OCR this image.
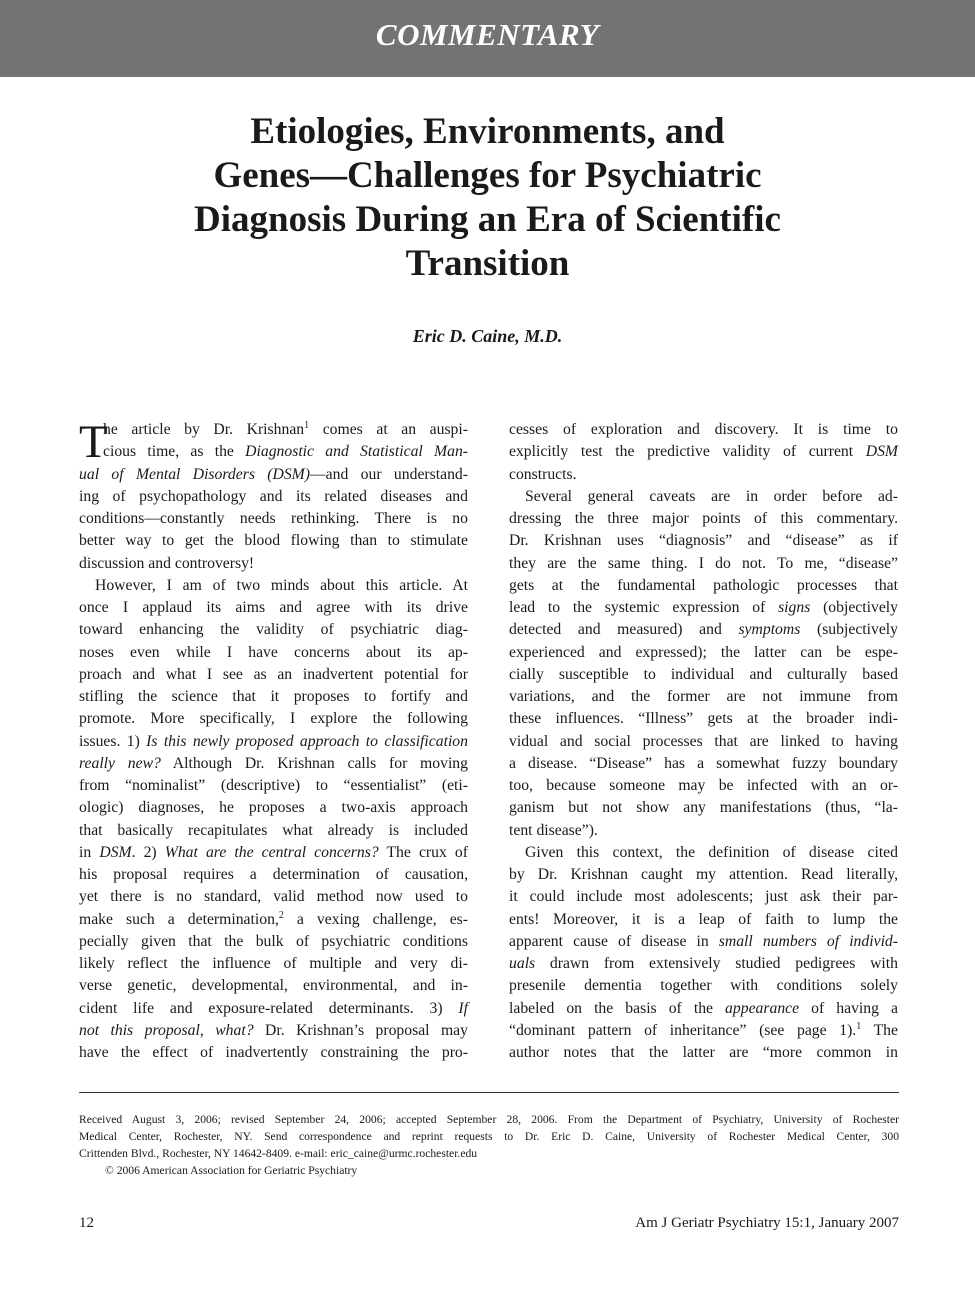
COMMENTARY
Etiologies, Environments, and
Genes—Challenges for Psychiatric
Diagnosis During an Era of Scientific
Transition
Eric D. Caine, M.D.
T
he article by Dr. Krishnan$^1$ comes at an auspi-
cious time, as the Diagnostic and Statistical Man-
ual of Mental Disorders (DSM)—and our understand-
ing of psychopathology and its related diseases and
conditions—constantly needs rethinking. There is no
better way to get the blood flowing than to stimulate
discussion and controversy!
However, I am of two minds about this article. At
once I applaud its aims and agree with its drive
toward enhancing the validity of psychiatric diag-
noses even while I have concerns about its ap-
proach and what I see as an inadvertent potential for
stifling the science that it proposes to fortify and
promote. More specifically, I explore the following
issues. 1) Is this newly proposed approach to classification
really new? Although Dr. Krishnan calls for moving
from “nominalist” (descriptive) to “essentialist” (eti-
ologic) diagnoses, he proposes a two-axis approach
that basically recapitulates what already is included
in DSM. 2) What are the central concerns? The crux of
his proposal requires a determination of causation,
yet there is no standard, valid method now used to
make such a determination,$^2$ a vexing challenge, es-
pecially given that the bulk of psychiatric conditions
likely reflect the influence of multiple and very di-
verse genetic, developmental, environmental, and in-
cident life and exposure-related determinants. 3) If
not this proposal, what? Dr. Krishnan’s proposal may
have the effect of inadvertently constraining the pro-
cesses of exploration and discovery. It is time to
explicitly test the predictive validity of current DSM
constructs.
Several general caveats are in order before ad-
dressing the three major points of this commentary.
Dr. Krishnan uses “diagnosis” and “disease” as if
they are the same thing. I do not. To me, “disease”
gets at the fundamental pathologic processes that
lead to the systemic expression of signs (objectively
detected and measured) and symptoms (subjectively
experienced and expressed); the latter can be espe-
cially susceptible to individual and culturally based
variations, and the former are not immune from
these influences. “Illness” gets at the broader indi-
vidual and social processes that are linked to having
a disease. “Disease” has a somewhat fuzzy boundary
too, because someone may be infected with an or-
ganism but not show any manifestations (thus, “la-
tent disease”).
Given this context, the definition of disease cited
by Dr. Krishnan caught my attention. Read literally,
it could include most adolescents; just ask their par-
ents! Moreover, it is a leap of faith to lump the
apparent cause of disease in small numbers of individ-
uals drawn from extensively studied pedigrees with
presenile dementia together with conditions solely
labeled on the basis of the appearance of having a
“dominant pattern of inheritance” (see page 1).$^1$ The
author notes that the latter are “more common in
Received August 3, 2006; revised September 24, 2006; accepted September 28, 2006. From the Department of Psychiatry, University of Rochester
Medical Center, Rochester, NY. Send correspondence and reprint requests to Dr. Eric D. Caine, University of Rochester Medical Center, 300
Crittenden Blvd., Rochester, NY 14642-8409. e-mail: eric_caine@urmc.rochester.edu
© 2006 American Association for Geriatric Psychiatry
12	Am J Geriatr Psychiatry 15:1, January 2007
